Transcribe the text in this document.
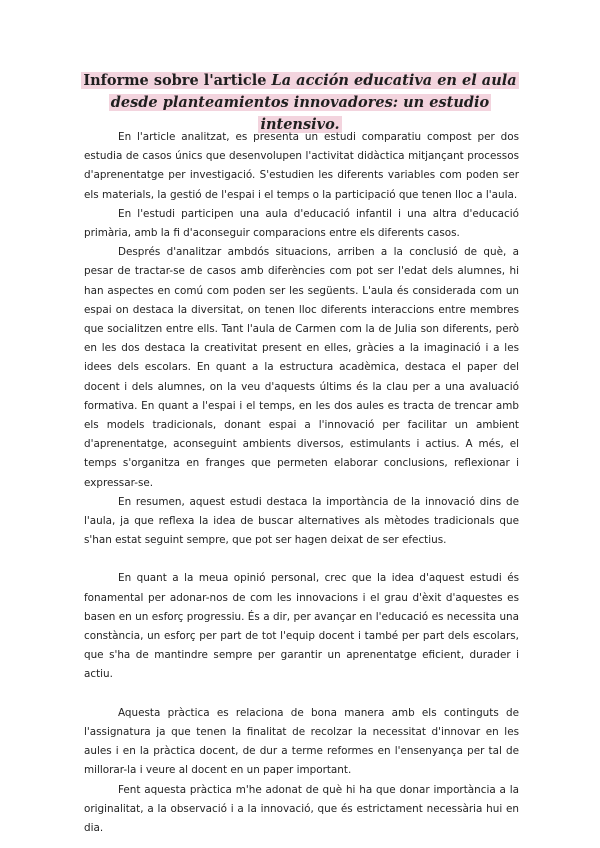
Informe sobre l'article La acción educativa en el aula desde planteamientos innovadores: un estudio intensivo.

En l'article analitzat, es presenta un estudi comparatiu compost per dos estudia de casos únics que desenvolupen l'activitat didàctica mitjançant processos d'aprenentatge per investigació. S'estudien les diferents variables com poden ser els materials, la gestió de l'espai i el temps o la participació que tenen lloc a l'aula.

En l'estudi participen una aula d'educació infantil i una altra d'educació primària, amb la fi d'aconseguir comparacions entre els diferents casos.

Després d'analitzar ambdós situacions, arriben a la conclusió de què, a pesar de tractar-se de casos amb diferències com pot ser l'edat dels alumnes, hi han aspectes en comú com poden ser les següents. L'aula és considerada com un espai on destaca la diversitat, on tenen lloc diferents interaccions entre membres que socialitzen entre ells. Tant l'aula de Carmen com la de Julia son diferents, però en les dos destaca la creativitat present en elles, gràcies a la imaginació i a les idees dels escolars. En quant a la estructura acadèmica, destaca el paper del docent i dels alumnes, on la veu d'aquests últims és la clau per a una avaluació formativa. En quant a l'espai i el temps, en les dos aules es tracta de trencar amb els models tradicionals, donant espai a l'innovació per facilitar un ambient d'aprenentatge, aconseguint ambients diversos, estimulants i actius. A més, el temps s'organitza en franges que permeten elaborar conclusions, reflexionar i expressar-se.

En resumen, aquest estudi destaca la importància de la innovació dins de l'aula, ja que reflexa la idea de buscar alternatives als mètodes tradicionals que s'han estat seguint sempre, que pot ser hagen deixat de ser efectius.

En quant a la meua opinió personal, crec que la idea d'aquest estudi és fonamental per adonar-nos de com les innovacions i el grau d'èxit d'aquestes es basen en un esforç progressiu. És a dir, per avançar en l'educació es necessita una constància, un esforç per part de tot l'equip docent i també per part dels escolars, que s'ha de mantindre sempre per garantir un aprenentatge eficient, durader i actiu.

Aquesta pràctica es relaciona de bona manera amb els continguts de l'assignatura ja que tenen la finalitat de recolzar la necessitat d'innovar en les aules i en la pràctica docent, de dur a terme reformes en l'ensenyança per tal de millorar-la i veure al docent en un paper important.

Fent aquesta pràctica m'he adonat de què hi ha que donar importància a la originalitat, a la observació i a la innovació, que és estrictament necessària hui en dia.
